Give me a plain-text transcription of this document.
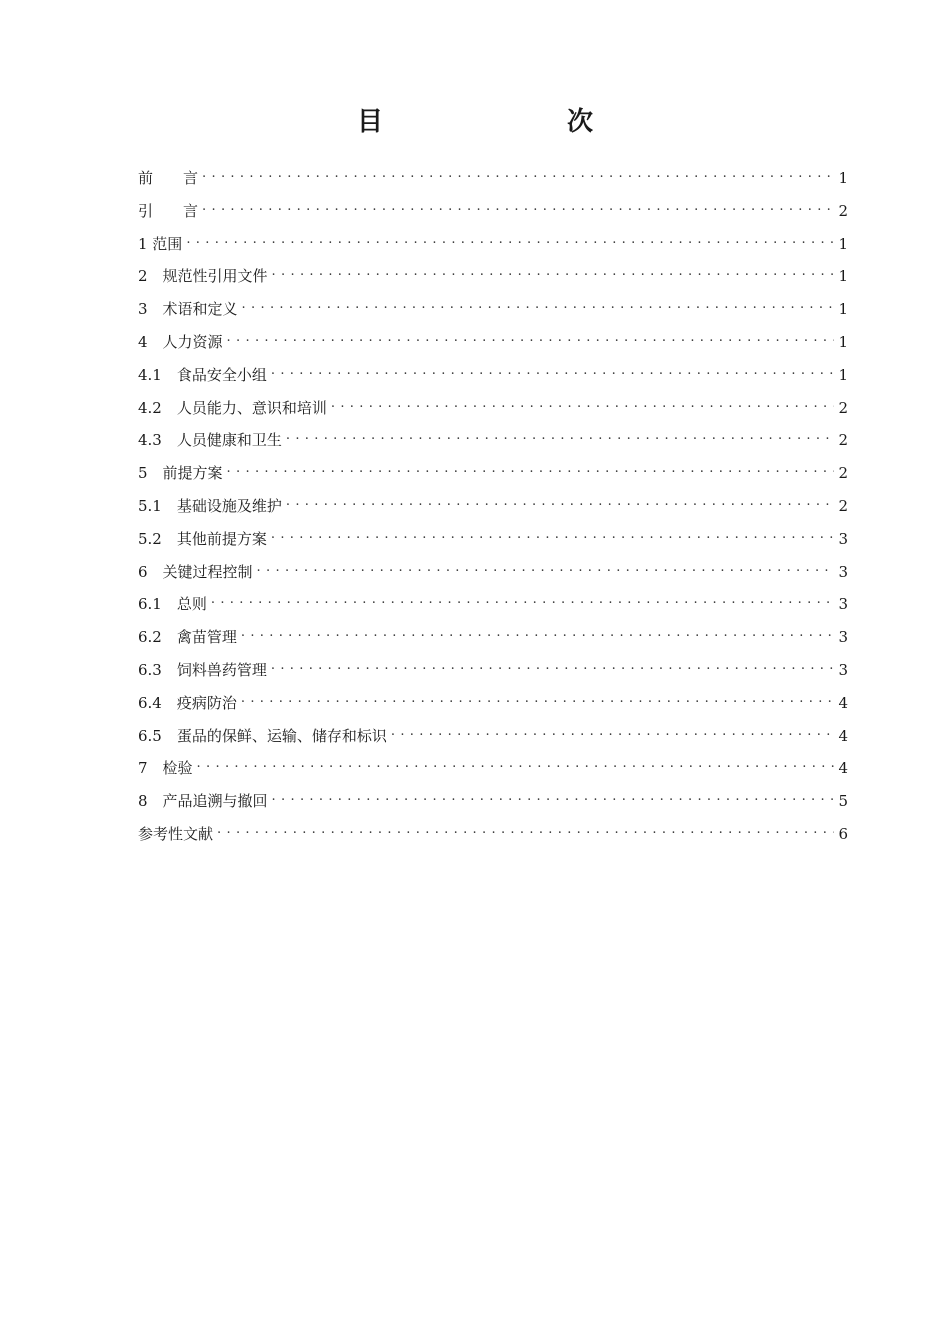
目　　次
前　　言 . . .	1
引　　言 . . .	2
1 范围 . . .	1
2　规范性引用文件 . . .	1
3　术语和定义 . . .	1
4　人力资源 . . .	1
4.1　食品安全小组 . . .	1
4.2　人员能力、意识和培训 . . .	2
4.3　人员健康和卫生 . . .	2
5　前提方案 . . .	2
5.1　基础设施及维护 . . .	2
5.2　其他前提方案 . . .	3
6　关键过程控制 . . .	3
6.1　总则 . . .	3
6.2　禽苗管理 . . .	3
6.3　饲料兽药管理 . . .	3
6.4　疫病防治 . . .	4
6.5　蛋品的保鲜、运输、储存和标识 . . .	4
7　检验 . . .	4
8　产品追溯与撤回 . . .	5
参考性文献 . . .	6
